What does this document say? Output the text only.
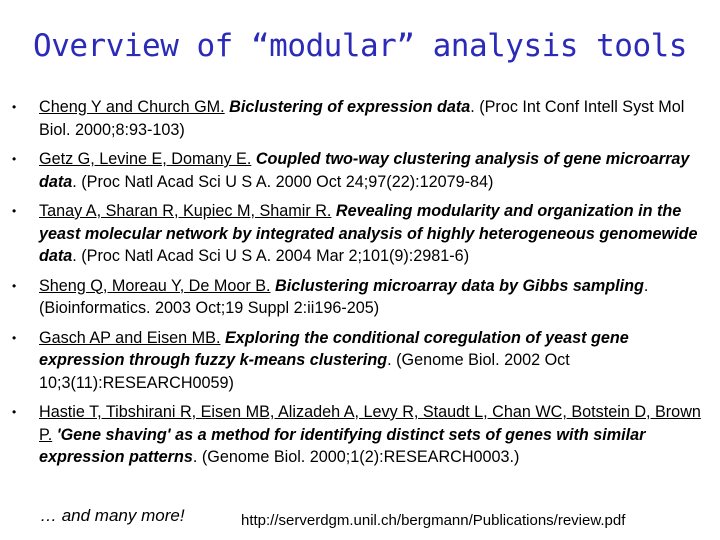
Overview of “modular” analysis tools
• Cheng Y and Church GM. Biclustering of expression data. (Proc Int Conf Intell Syst Mol Biol. 2000;8:93-103)
• Getz G, Levine E, Domany E. Coupled two-way clustering analysis of gene microarray data. (Proc Natl Acad Sci U S A. 2000 Oct 24;97(22):12079-84)
• Tanay A, Sharan R, Kupiec M, Shamir R. Revealing modularity and organization in the yeast molecular network by integrated analysis of highly heterogeneous genomewide data. (Proc Natl Acad Sci U S A. 2004 Mar 2;101(9):2981-6)
• Sheng Q, Moreau Y, De Moor B. Biclustering microarray data by Gibbs sampling. (Bioinformatics. 2003 Oct;19 Suppl 2:ii196-205)
• Gasch AP and Eisen MB. Exploring the conditional coregulation of yeast gene expression through fuzzy k-means clustering. (Genome Biol. 2002 Oct 10;3(11):RESEARCH0059)
• Hastie T, Tibshirani R, Eisen MB, Alizadeh A, Levy R, Staudt L, Chan WC, Botstein D, Brown P. 'Gene shaving' as a method for identifying distinct sets of genes with similar expression patterns. (Genome Biol. 2000;1(2):RESEARCH0003.)
… and many more!	http://serverdgm.unil.ch/bergmann/Publications/review.pdf
